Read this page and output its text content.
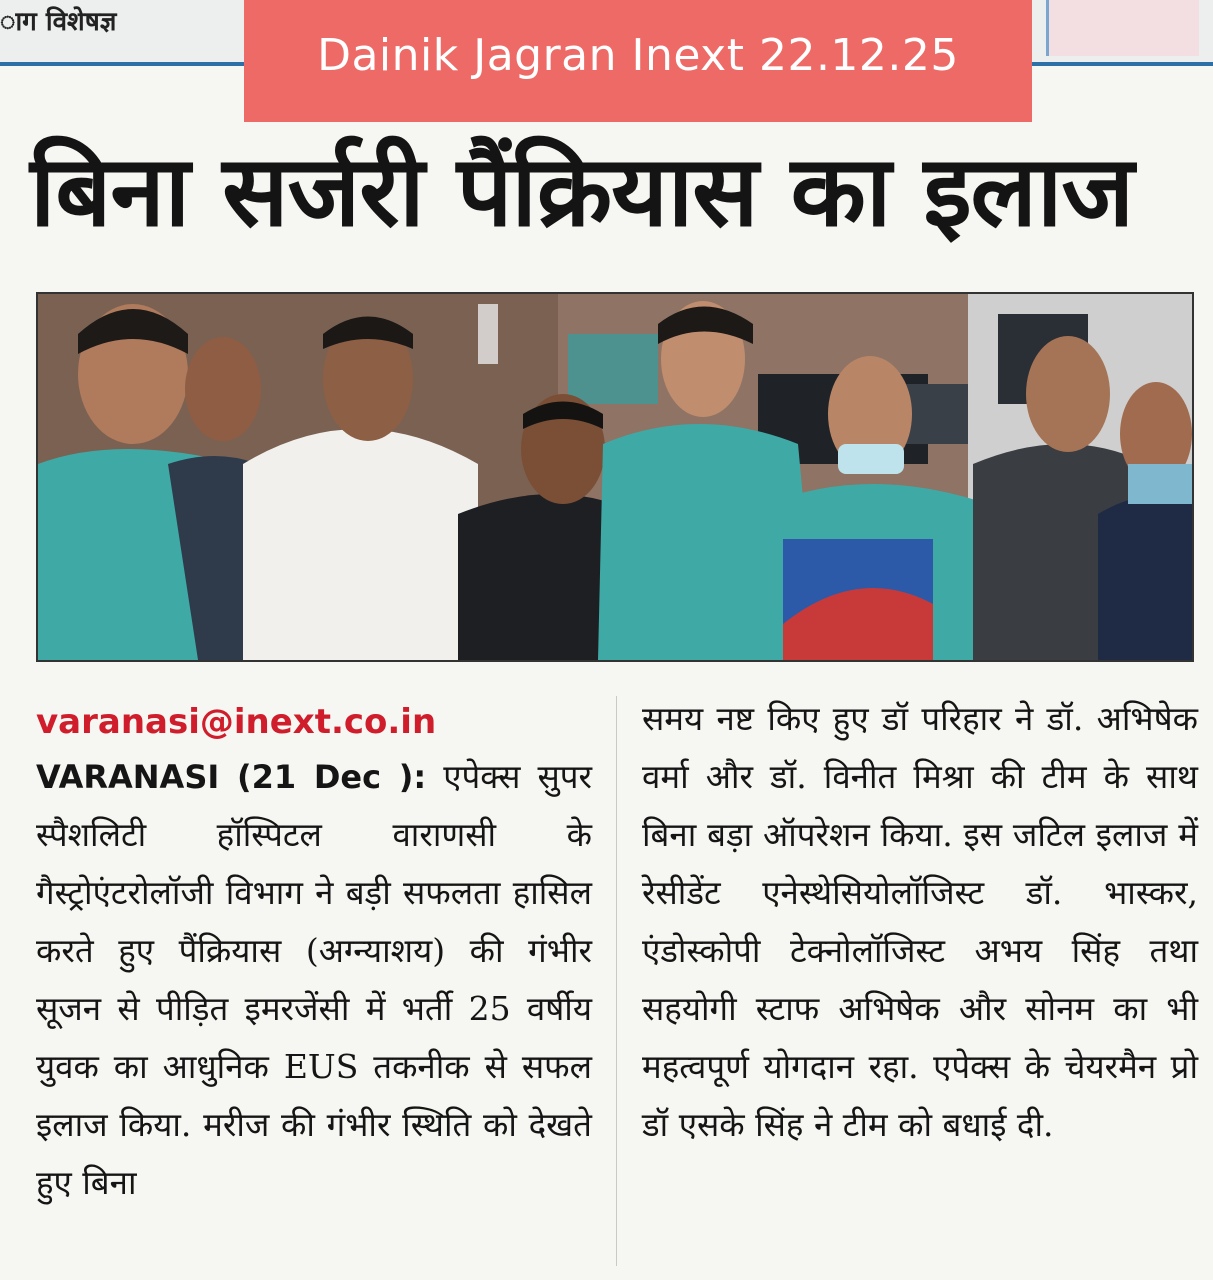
ाग विशेषज्ञ
Dainik Jagran Inext 22.12.25
बिना सर्जरी पैंक्रियास का इलाज
varanasi@inext.co.in
VARANASI (21 Dec ): एपेक्स सुपर स्पैशलिटी हॉस्पिटल वाराणसी के गैस्ट्रोएंटरोलॉजी विभाग ने बड़ी सफलता हासिल करते हुए पैंक्रियास (अग्न्याशय) की गंभीर सूजन से पीड़ित इमरजेंसी में भर्ती 25 वर्षीय युवक का आधुनिक EUS तकनीक से सफल इलाज किया. मरीज की गंभीर स्थिति को देखते हुए बिना
समय नष्ट किए हुए डॉ परिहार ने डॉ. अभिषेक वर्मा और डॉ. विनीत मिश्रा की टीम के साथ बिना बड़ा ऑपरेशन किया. इस जटिल इलाज में रेसीडेंट एनेस्थेसियोलॉजिस्ट डॉ. भास्कर, एंडोस्कोपी टेक्नोलॉजिस्ट अभय सिंह तथा सहयोगी स्टाफ अभिषेक और सोनम का भी महत्वपूर्ण योगदान रहा. एपेक्स के चेयरमैन प्रो डॉ एसके सिंह ने टीम को बधाई दी.
